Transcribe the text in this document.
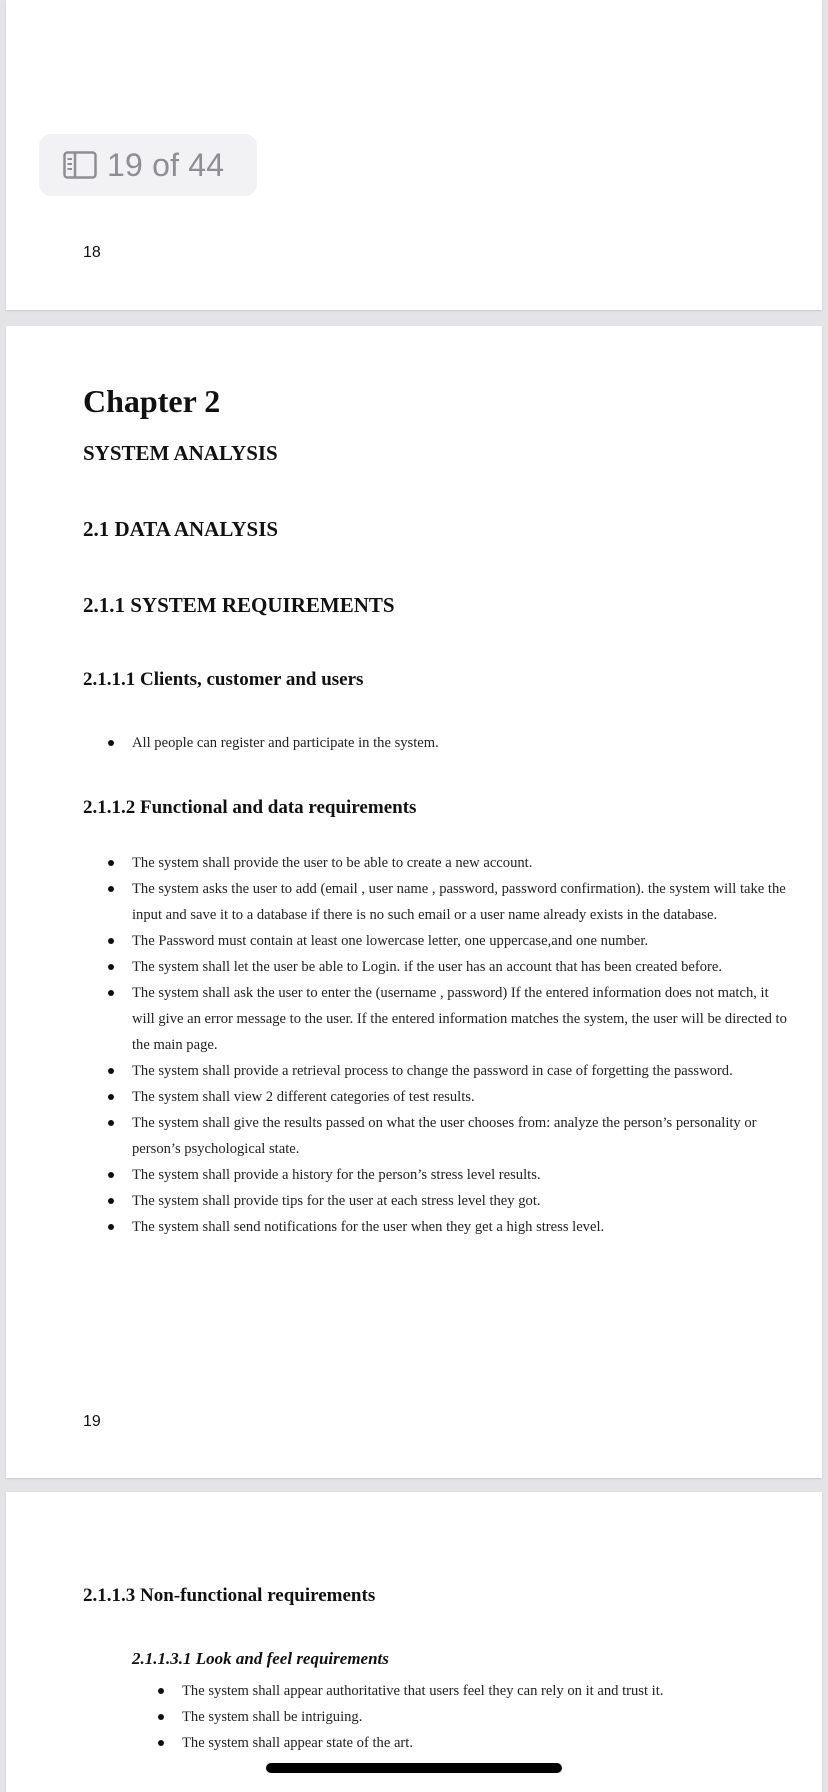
18
19 of 44
Chapter 2
SYSTEM ANALYSIS
2.1 DATA ANALYSIS
2.1.1 SYSTEM REQUIREMENTS
2.1.1.1 Clients, customer and users
All people can register and participate in the system.
2.1.1.2 Functional and data requirements
The system shall provide the user to be able to create a new account.
The system asks the user to add (email , user name , password, password confirmation). the system will take the input and save it to a database if there is no such email or a user name already exists in the database.
The Password must contain at least one lowercase letter, one uppercase,and one number.
The system shall let the user be able to Login. if the user has an account that has been created before.
The system shall ask the user to enter the (username , password) If the entered information does not match, it will give an error message to the user. If the entered information matches the system, the user will be directed to the main page.
The system shall provide a retrieval process to change the password in case of forgetting the password.
The system shall view 2 different categories of test results.
The system shall give the results passed on what the user chooses from: analyze the person’s personality or person’s psychological state.
The system shall provide a history for the person’s stress level results.
The system shall provide tips for the user at each stress level they got.
The system shall send notifications for the user when they get a high stress level.
19
2.1.1.3 Non-functional requirements
2.1.1.3.1 Look and feel requirements
The system shall appear authoritative that users feel they can rely on it and trust it.
The system shall be intriguing.
The system shall appear state of the art.
